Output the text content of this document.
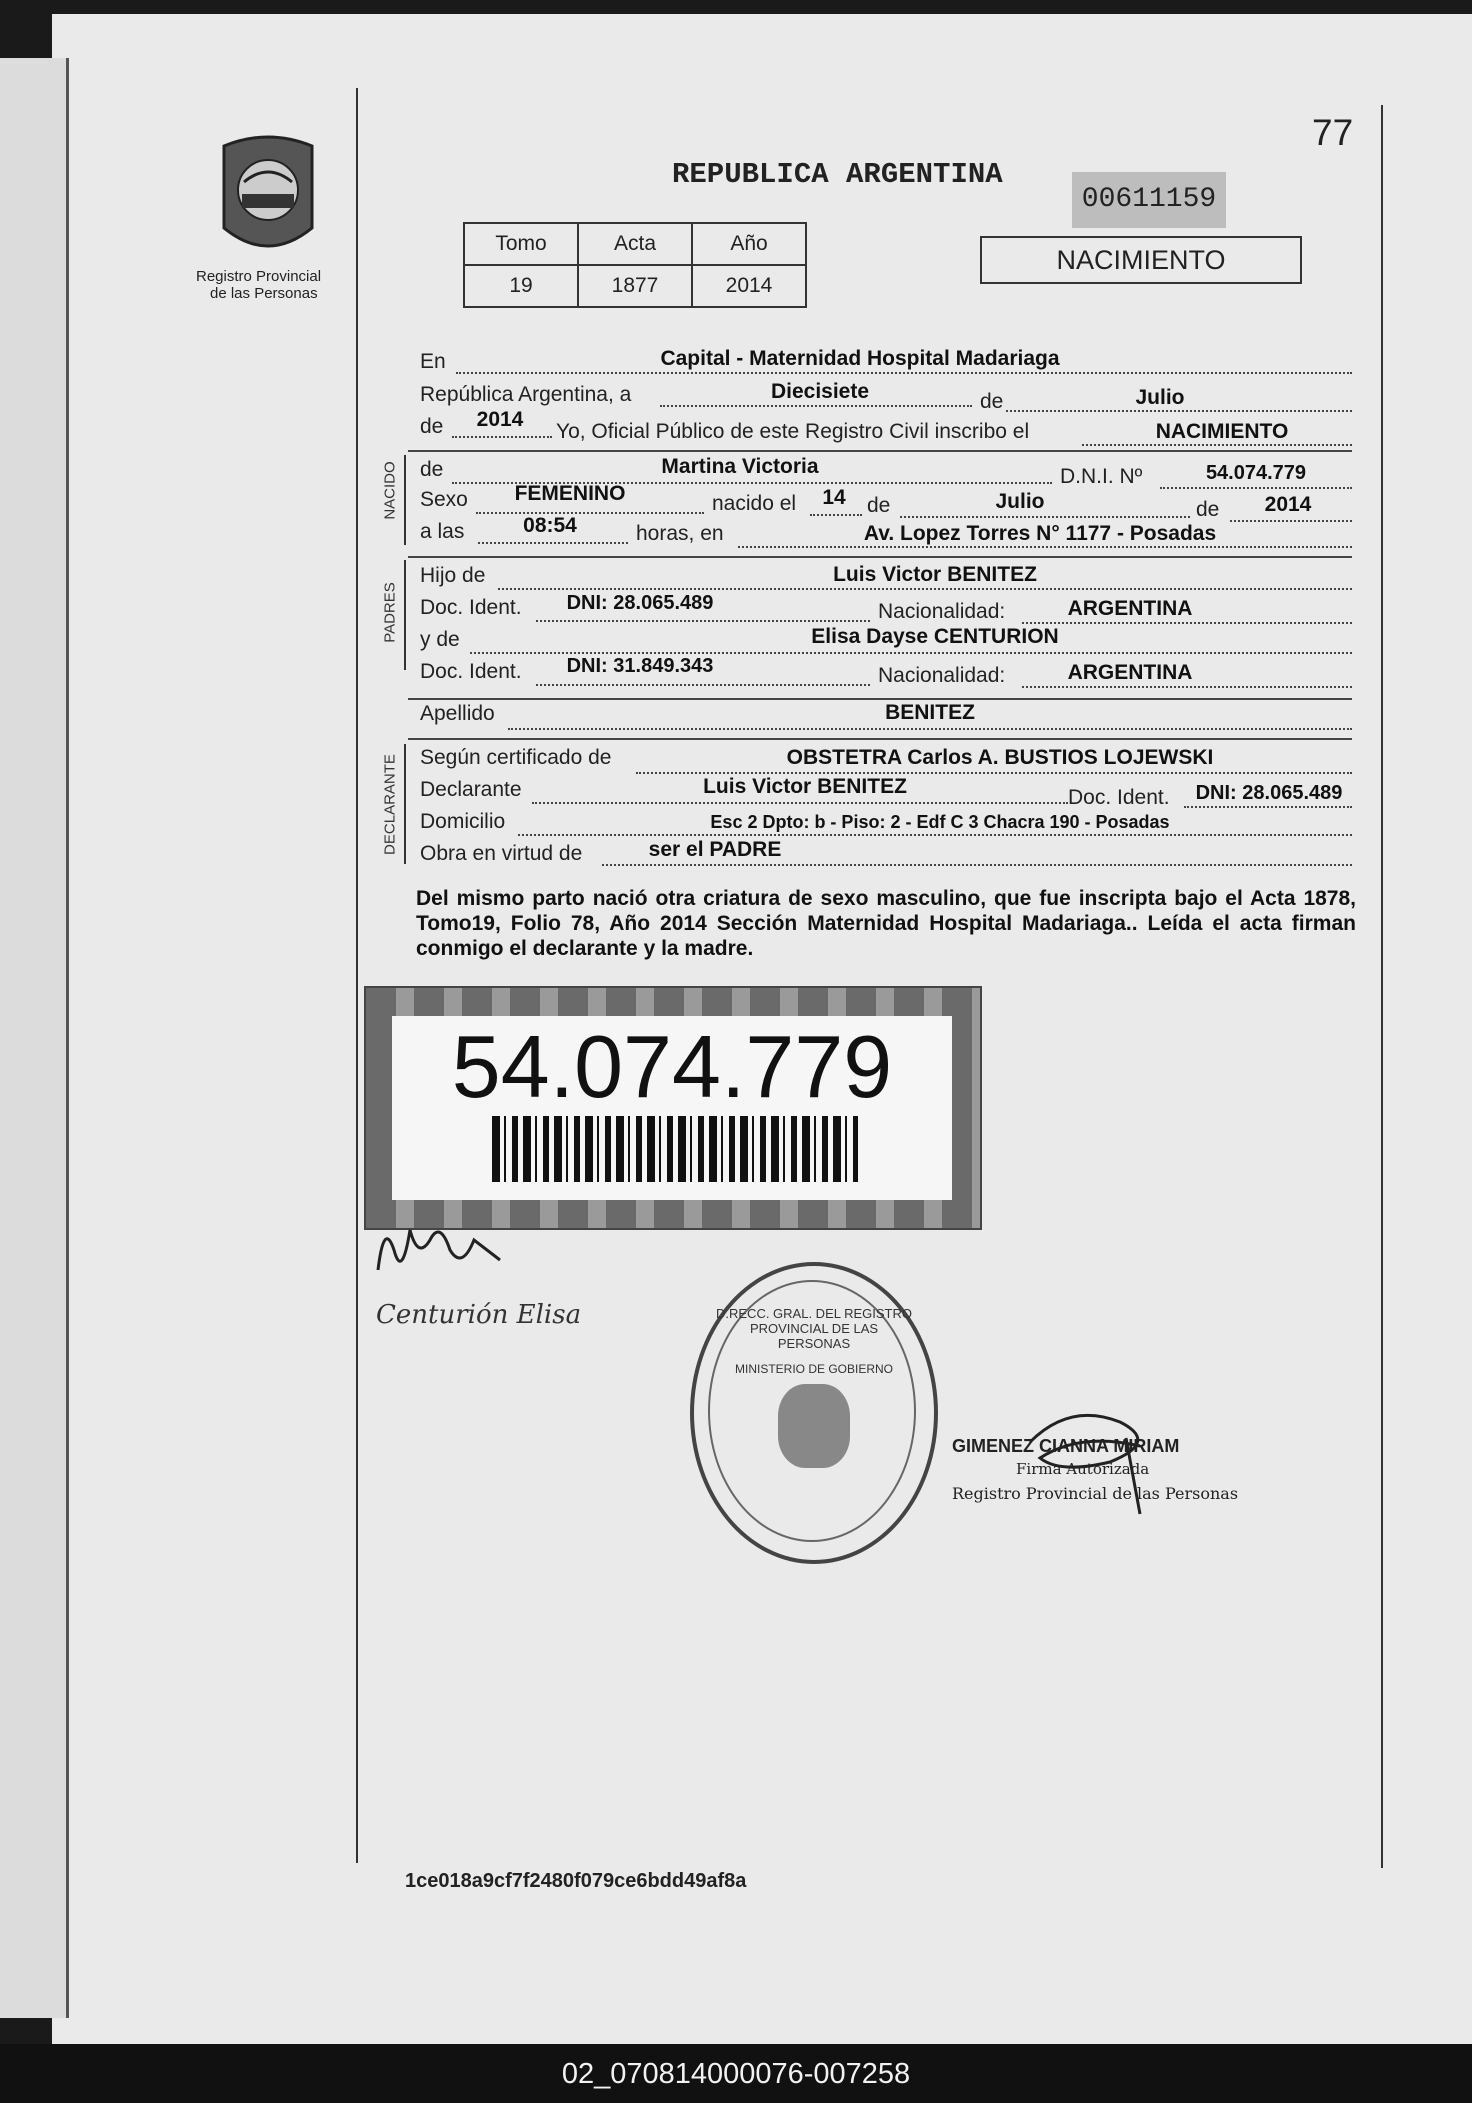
Registro Provincial
de las Personas
77
REPUBLICA ARGENTINA
00611159
NACIMIENTO
Tomo	Acta	Año
19	1877	2014
En	Capital - Maternidad Hospital Madariaga
República Argentina, a	Diecisiete	de	Julio
de	2014
Yo, Oficial Público de este Registro Civil inscribo el	NACIMIENTO
NACIDO de	Martina Victoria	D.N.I. Nº	54.074.779
Sexo	FEMENINO	nacido el	14	de	Julio	de	2014
a las	08:54	horas, en	Av. Lopez Torres N° 1177 - Posadas
PADRES
Hijo de	Luis Victor BENITEZ
Doc. Ident.	DNI: 28.065.489	Nacionalidad:	ARGENTINA
y de	Elisa Dayse CENTURION
Doc. Ident.	DNI: 31.849.343	Nacionalidad:	ARGENTINA
Apellido	BENITEZ
DECLARANTE Según certificado de	OBSTETRA Carlos A. BUSTIOS LOJEWSKI
Declarante	Luis Victor BENITEZ	Doc. Ident.	DNI: 28.065.489
Domicilio	Esc 2 Dpto: b - Piso: 2 - Edf C 3 Chacra 190 - Posadas
Obra en virtud de	ser el PADRE
Del mismo parto nació otra criatura de sexo masculino, que fue inscripta bajo el Acta 1878, Tomo19, Folio 78, Año 2014 Sección Maternidad Hospital Madariaga.. Leída el acta firman conmigo el declarante y la madre.
54.074.779
Centurión Elisa	D.RECC. GRAL. DEL REGISTRO PROVINCIAL DE LAS PERSONAS
MINISTERIO DE GOBIERNO
GIMENEZ CIANNA MIRIAM
Firma Autorizada
Registro Provincial de las Personas
1ce018a9cf7f2480f079ce6bdd49af8a
02_070814000076-007258
